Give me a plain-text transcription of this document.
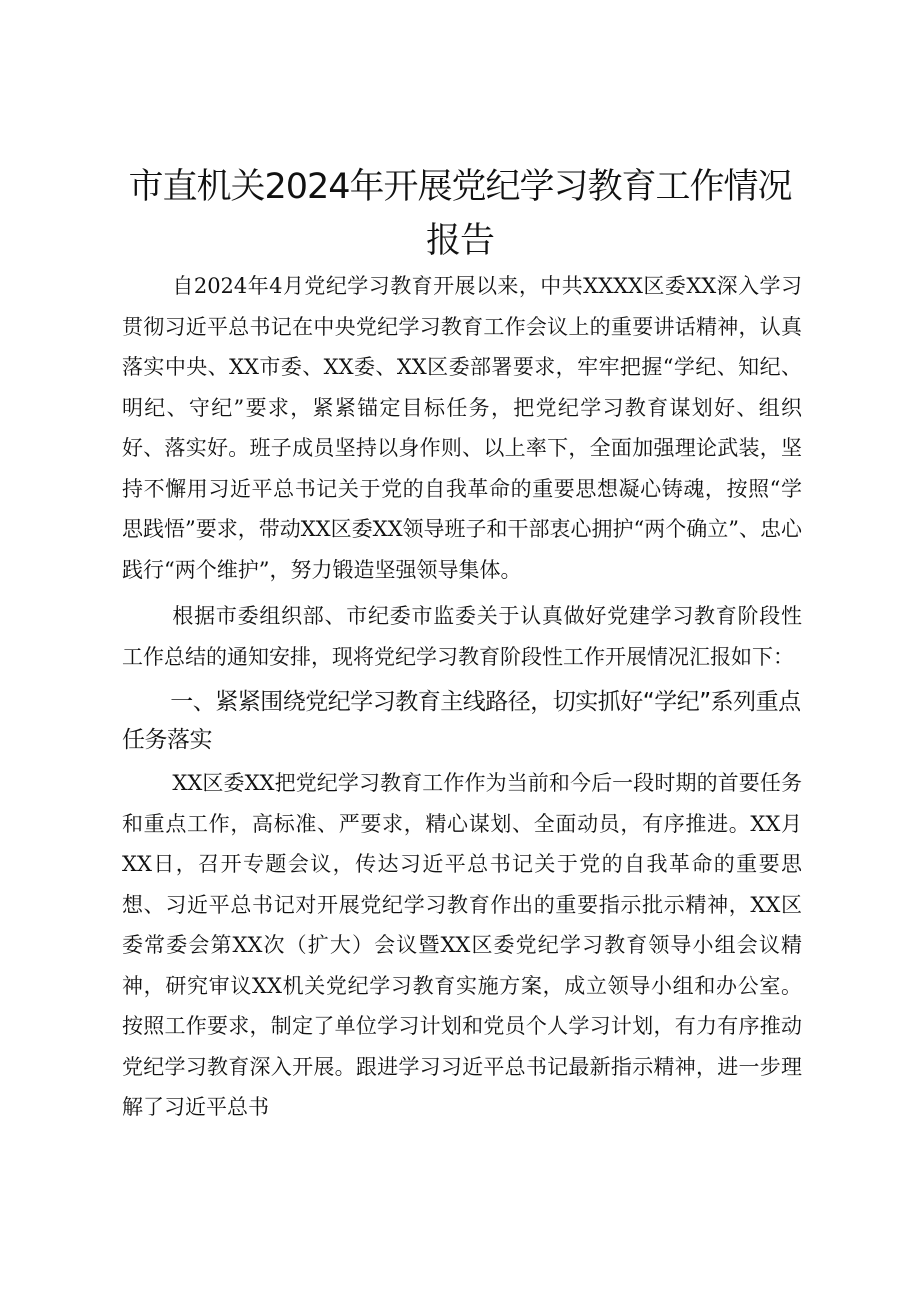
市直机关2024年开展党纪学习教育工作情况
报告

自2024年4月党纪学习教育开展以来，中共XXXX区委XX深入学习贯彻习近平总书记在中央党纪学习教育工作会议上的重要讲话精神，认真落实中央、XX市委、XX委、XX区委部署要求，牢牢把握“学纪、知纪、明纪、守纪”要求，紧紧锚定目标任务，把党纪学习教育谋划好、组织好、落实好。班子成员坚持以身作则、以上率下，全面加强理论武装，坚持不懈用习近平总书记关于党的自我革命的重要思想凝心铸魂，按照“学思践悟”要求，带动XX区委XX领导班子和干部衷心拥护“两个确立”、忠心践行“两个维护”，努力锻造坚强领导集体。

根据市委组织部、市纪委市监委关于认真做好党建学习教育阶段性工作总结的通知安排，现将党纪学习教育阶段性工作开展情况汇报如下：

一、紧紧围绕党纪学习教育主线路径，切实抓好“学纪”系列重点任务落实

XX区委XX把党纪学习教育工作作为当前和今后一段时期的首要任务和重点工作，高标准、严要求，精心谋划、全面动员，有序推进。XX月XX日，召开专题会议，传达习近平总书记关于党的自我革命的重要思想、习近平总书记对开展党纪学习教育作出的重要指示批示精神，XX区委常委会第XX次（扩大）会议暨XX区委党纪学习教育领导小组会议精神，研究审议XX机关党纪学习教育实施方案，成立领导小组和办公室。按照工作要求，制定了单位学习计划和党员个人学习计划，有力有序推动党纪学习教育深入开展。跟进学习习近平总书记最新指示精神，进一步理解了习近平总书
